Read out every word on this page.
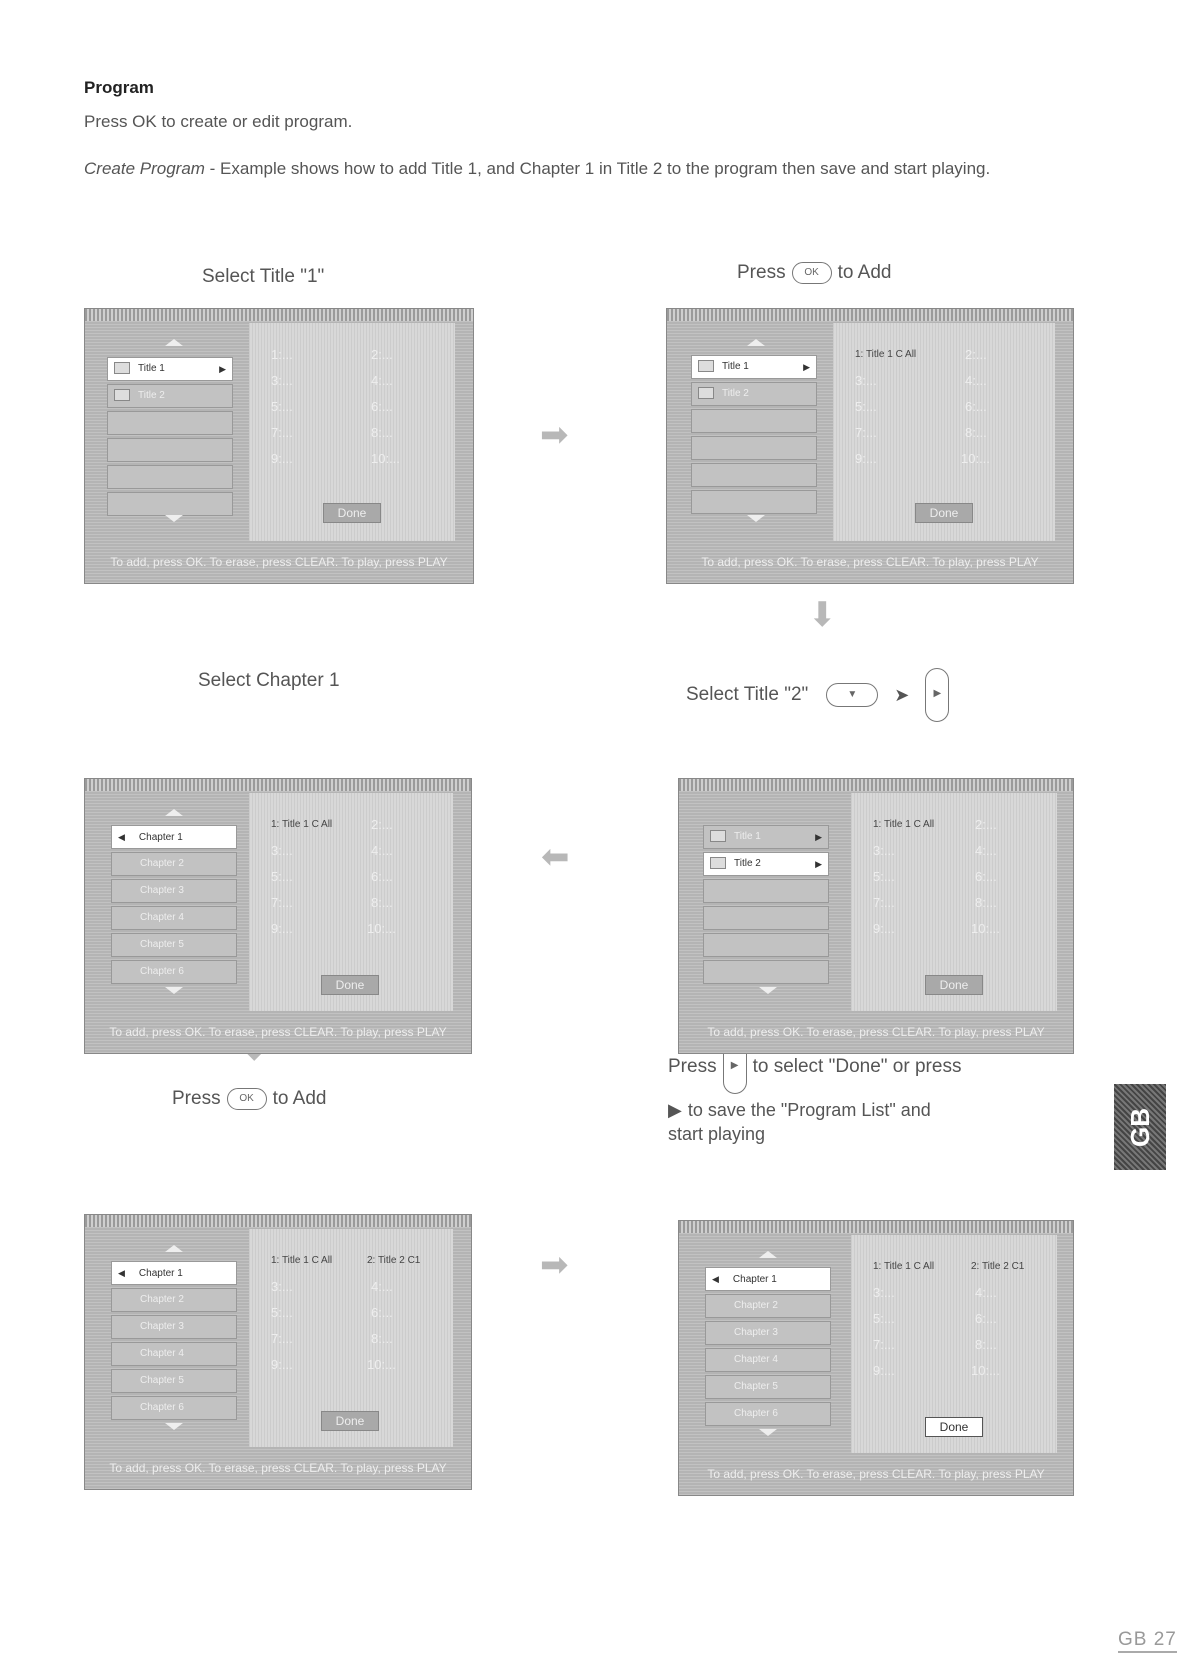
Program
Press OK to create or edit program.
Create Program - Example shows how to add Title 1, and Chapter 1 in Title 2 to the program then save and start playing.
Select Title "1"	Press	OK to Add
Select Title "2"	▼	➤	▶
Select Chapter 1
Press	OK to Add
Press	▶ to select "Done" or press
▶ to save the "Program List" and
start playing
➡
⬇
⬅
➡
Title 1	▶
Title 2
1:...	2:...
3:...	4:...
5:...	6:...
7:...	8:...
9:...	10:...
Done
To add, press OK. To erase, press CLEAR. To play, press PLAY
Title 1	▶
Title 2
1: Title 1 C All	2:...
3:...	4:...
5:...	6:...
7:...	8:...
9:...	10:...
Done
To add, press OK. To erase, press CLEAR. To play, press PLAY
◀ Chapter 1
Chapter 2
Chapter 3
Chapter 4
Chapter 5
Chapter 6
1: Title 1 C All	2:...
3:...	4:...
5:...	6:...
7:...	8:...
9:...	10:...
Done
To add, press OK. To erase, press CLEAR. To play, press PLAY
Title 1	▶
Title 2	▶
1: Title 1 C All	2:...
3:...	4:...
5:...	6:...
7:...	8:...
9:...	10:...
Done
To add, press OK. To erase, press CLEAR. To play, press PLAY
◀ Chapter 1
Chapter 2
Chapter 3
Chapter 4
Chapter 5
Chapter 6
1: Title 1 C All	2: Title 2 C1
3:...	4:...
5:...	6:...
7:...	8:...
9:...	10:...
Done
To add, press OK. To erase, press CLEAR. To play, press PLAY
◀ Chapter 1
Chapter 2
Chapter 3
Chapter 4
Chapter 5
Chapter 6
1: Title 1 C All	2: Title 2 C1
3:...	4:...
5:...	6:...
7:...	8:...
9:...	10:...
Done
To add, press OK. To erase, press CLEAR. To play, press PLAY
GB
GB 27
